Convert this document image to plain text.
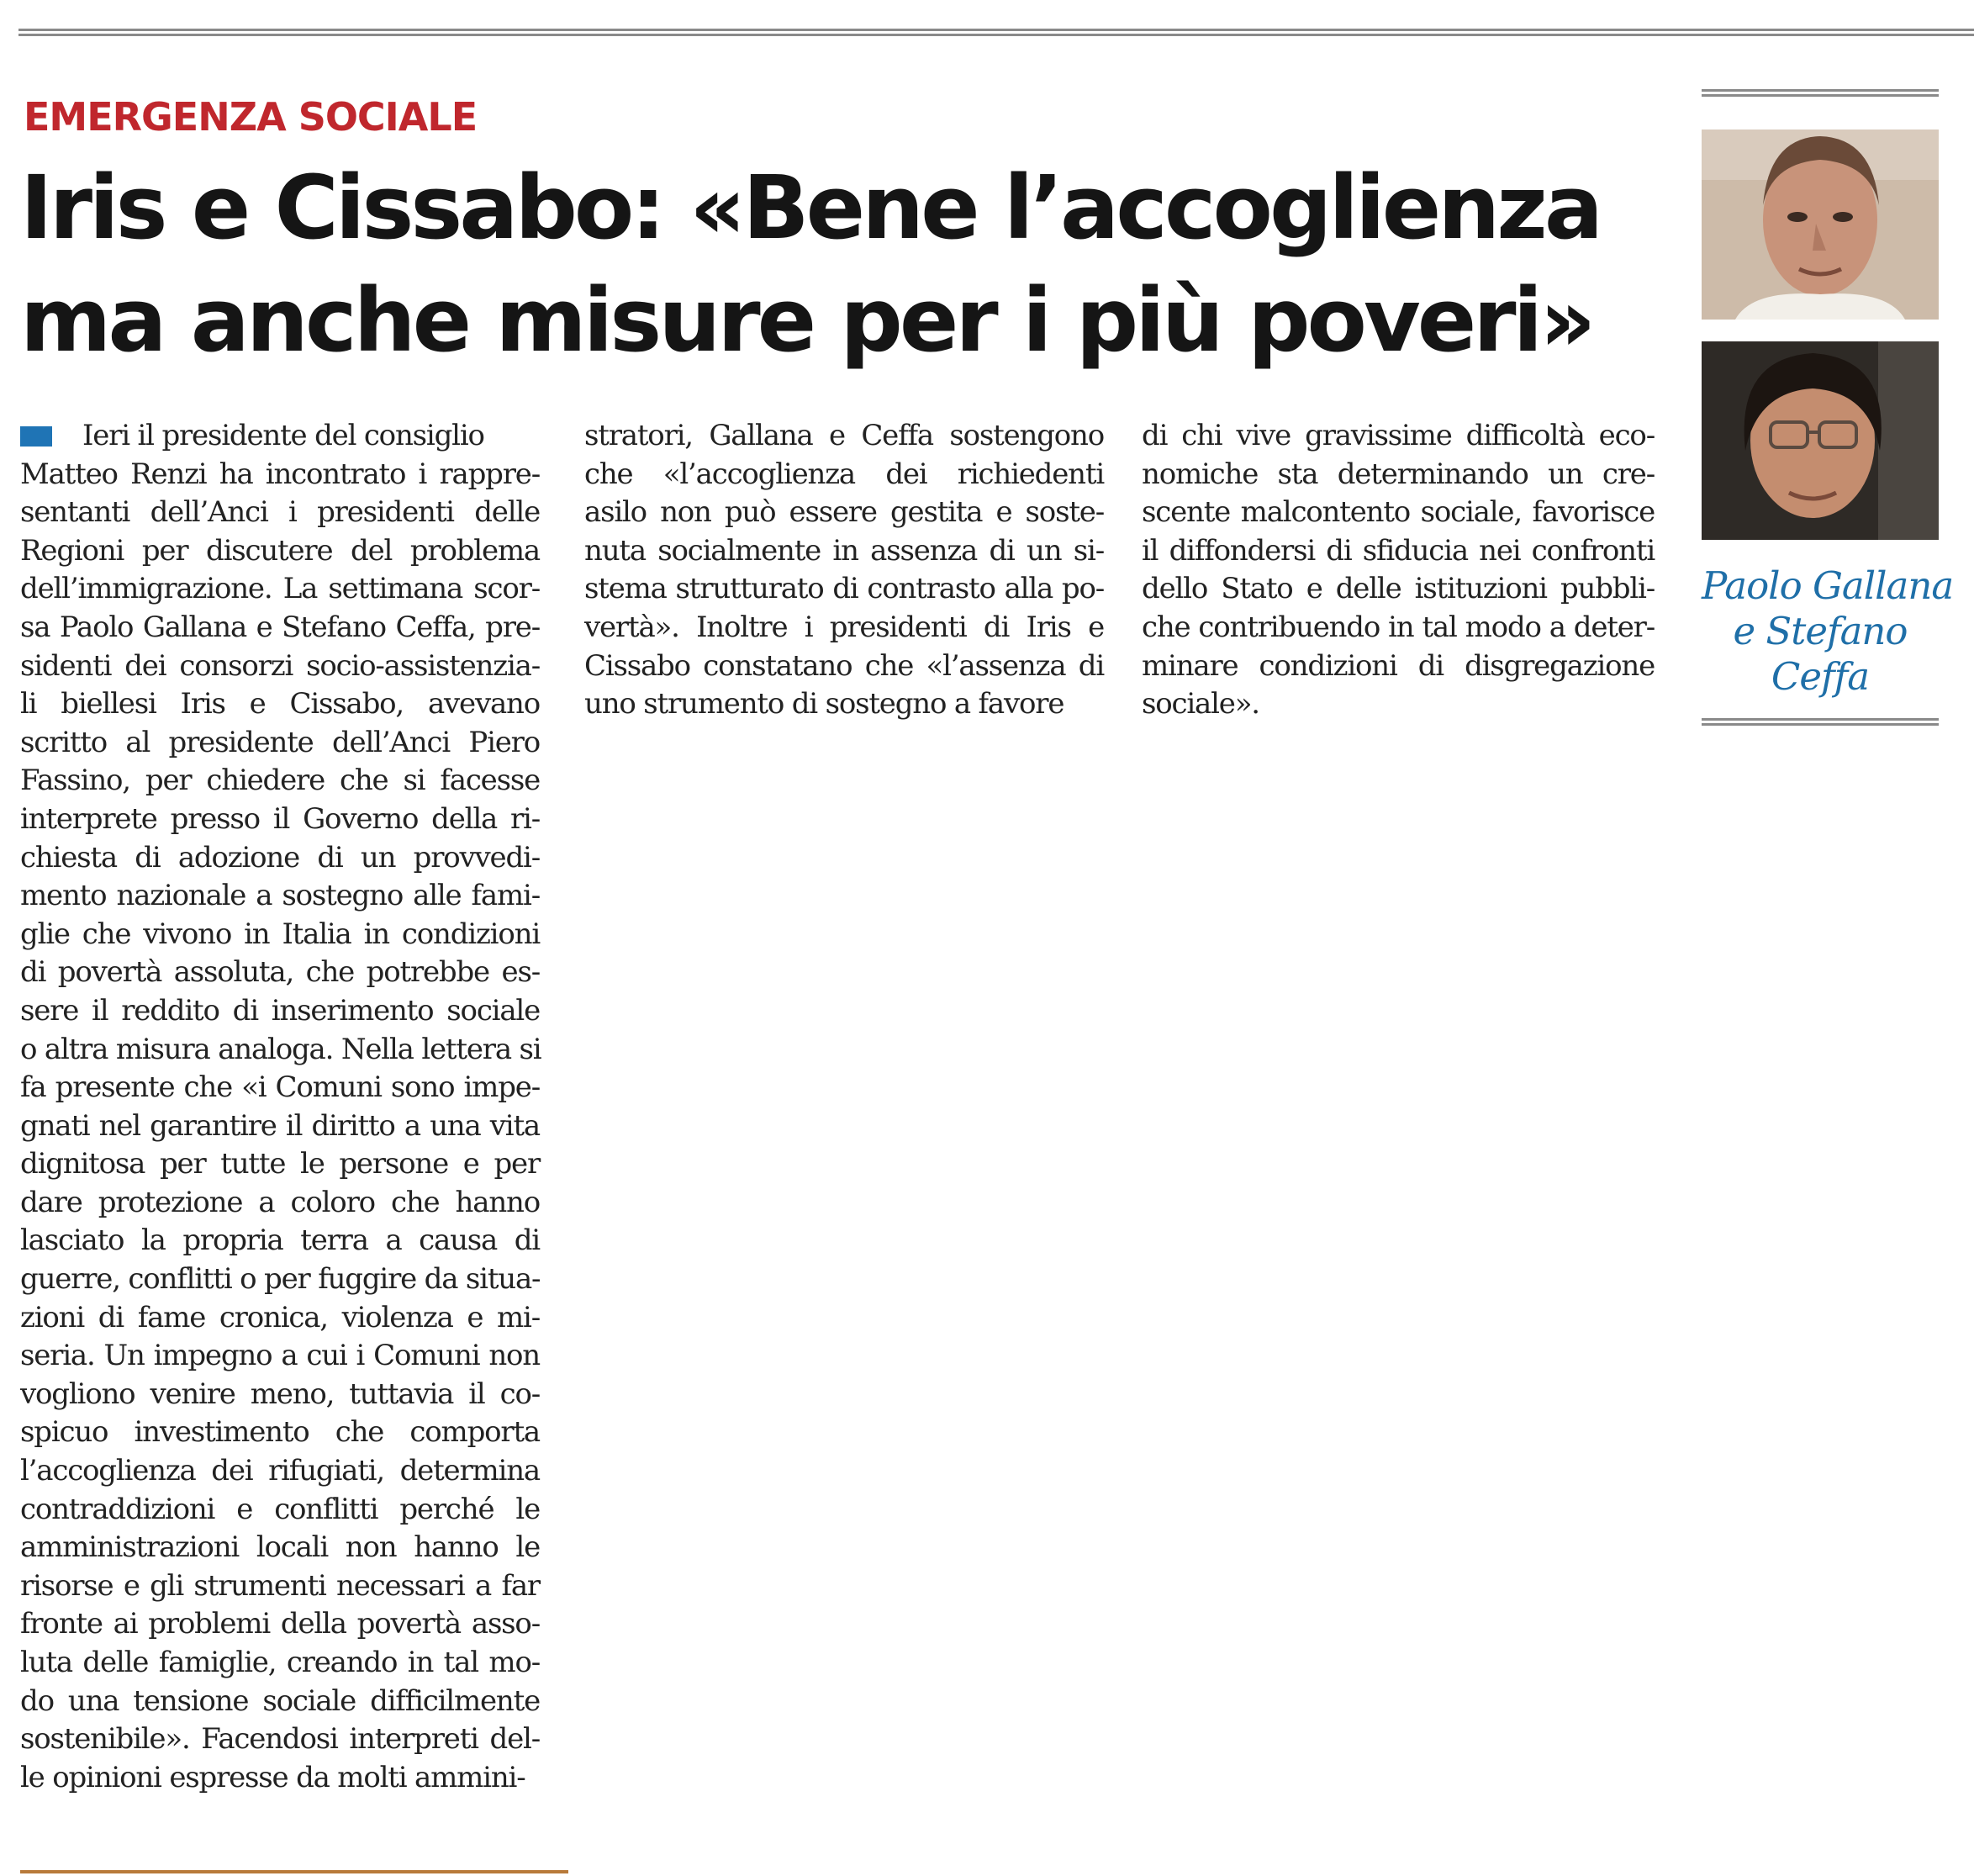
EMERGENZA SOCIALE
Iris e Cissabo: «Bene l’accoglienza
ma anche misure per i più poveri»
Ieri il presidente del consiglio
Matteo Renzi ha incontrato i rappre-
sentanti dell’Anci i presidenti delle
Regioni per discutere del problema
dell’immigrazione. La settimana scor-
sa Paolo Gallana e Stefano Ceffa, pre-
sidenti dei consorzi socio-assistenzia-
li biellesi Iris e Cissabo, avevano
scritto al presidente dell’Anci Piero
Fassino, per chiedere che si facesse
interprete presso il Governo della ri-
chiesta di adozione di un provvedi-
mento nazionale a sostegno alle fami-
glie che vivono in Italia in condizioni
di povertà assoluta, che potrebbe es-
sere il reddito di inserimento sociale
o altra misura analoga. Nella lettera si
fa presente che «i Comuni sono impe-
gnati nel garantire il diritto a una vita
dignitosa per tutte le persone e per
dare protezione a coloro che hanno
lasciato la propria terra a causa di
guerre, conflitti o per fuggire da situa-
zioni di fame cronica, violenza e mi-
seria. Un impegno a cui i Comuni non
vogliono venire meno, tuttavia il co-
spicuo investimento che comporta
l’accoglienza dei rifugiati, determina
contraddizioni e conflitti perché le
amministrazioni locali non hanno le
risorse e gli strumenti necessari a far
fronte ai problemi della povertà asso-
luta delle famiglie, creando in tal mo-
do una tensione sociale difficilmente
sostenibile». Facendosi interpreti del-
le opinioni espresse da molti ammini-
stratori, Gallana e Ceffa sostengono
che «l’accoglienza dei richiedenti
asilo non può essere gestita e soste-
nuta socialmente in assenza di un si-
stema strutturato di contrasto alla po-
vertà». Inoltre i presidenti di Iris e
Cissabo constatano che «l’assenza di
uno strumento di sostegno a favore
di chi vive gravissime difficoltà eco-
nomiche sta determinando un cre-
scente malcontento sociale, favorisce
il diffondersi di sfiducia nei confronti
dello Stato e delle istituzioni pubbli-
che contribuendo in tal modo a deter-
minare condizioni di disgregazione
sociale».
Paolo Gallana
e Stefano
Ceffa
